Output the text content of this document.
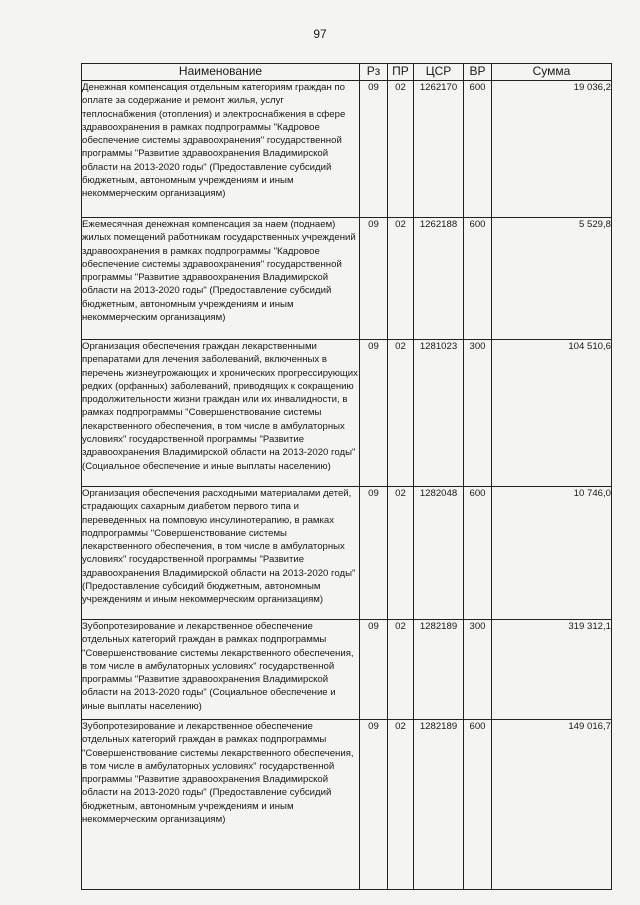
97
Наименование	Рз	ПР	ЦСР	ВР	Сумма
Денежная компенсация отдельным категориям граждан по оплате за содержание и ремонт жилья, услуг теплоснабжения (отопления) и электроснабжения в сфере здравоохранения в рамках подпрограммы "Кадровое обеспечение системы здравоохранения" государственной программы "Развитие здравоохранения Владимирской области на 2013-2020 годы" (Предоставление субсидий бюджетным, автономным учреждениям и иным некоммерческим организациям)	09	02	1262170	600	19 036,2
Ежемесячная денежная компенсация за наем (поднаем) жилых помещений работникам государственных учреждений здравоохранения в рамках подпрограммы "Кадровое обеспечение системы здравоохранения" государственной программы "Развитие здравоохранения Владимирской области на 2013-2020 годы" (Предоставление субсидий бюджетным, автономным учреждениям и иным некоммерческим организациям)	09	02	1262188	600	5 529,8
Организация обеспечения граждан лекарственными препаратами для лечения заболеваний, включенных в перечень жизнеугрожающих и хронических прогрессирующих редких (орфанных) заболеваний, приводящих к сокращению продолжительности жизни граждан или их инвалидности, в рамках подпрограммы "Совершенствование системы лекарственного обеспечения, в том числе в амбулаторных условиях" государственной программы "Развитие здравоохранения Владимирской области на 2013-2020 годы" (Социальное обеспечение и иные выплаты населению)	09	02	1281023	300	104 510,6
Организация обеспечения расходными материалами детей, страдающих сахарным диабетом первого типа и переведенных на помповую инсулинотерапию, в рамках подпрограммы "Совершенствование системы лекарственного обеспечения, в том числе в амбулаторных условиях" государственной программы "Развитие здравоохранения Владимирской области на 2013-2020 годы" (Предоставление субсидий бюджетным, автономным учреждениям и иным некоммерческим организациям)	09	02	1282048	600	10 746,0
Зубопротезирование и лекарственное обеспечение отдельных категорий граждан в рамках подпрограммы "Совершенствование системы лекарственного обеспечения, в том числе в амбулаторных условиях" государственной программы "Развитие здравоохранения Владимирской области на 2013-2020 годы" (Социальное обеспечение и иные выплаты населению)	09	02	1282189	300	319 312,1
Зубопротезирование и лекарственное обеспечение отдельных категорий граждан в рамках подпрограммы "Совершенствование системы лекарственного обеспечения, в том числе в амбулаторных условиях" государственной программы "Развитие здравоохранения Владимирской области на 2013-2020 годы" (Предоставление субсидий бюджетным, автономным учреждениям и иным некоммерческим организациям)	09	02	1282189	600	149 016,7
